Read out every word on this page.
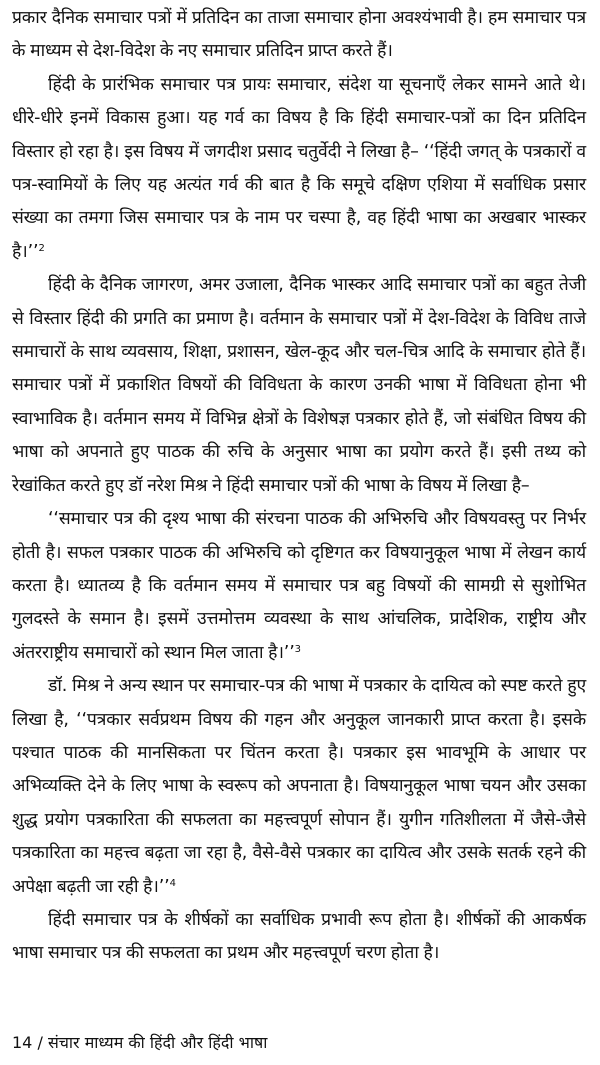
प्रकार दैनिक समाचार पत्रों में प्रतिदिन का ताजा समाचार होना अवश्यंभावी है। हम समाचार पत्र के माध्यम से देश-विदेश के नए समाचार प्रतिदिन प्राप्त करते हैं।

हिंदी के प्रारंभिक समाचार पत्र प्रायः समाचार, संदेश या सूचनाएँ लेकर सामने आते थे। धीरे-धीरे इनमें विकास हुआ। यह गर्व का विषय है कि हिंदी समाचार-पत्रों का दिन प्रतिदिन विस्तार हो रहा है। इस विषय में जगदीश प्रसाद चतुर्वेदी ने लिखा है– ‘‘हिंदी जगत् के पत्रकारों व पत्र-स्वामियों के लिए यह अत्यंत गर्व की बात है कि समूचे दक्षिण एशिया में सर्वाधिक प्रसार संख्या का तमगा जिस समाचार पत्र के नाम पर चस्पा है, वह हिंदी भाषा का अखबार भास्कर है।’’$^2$

हिंदी के दैनिक जागरण, अमर उजाला, दैनिक भास्कर आदि समाचार पत्रों का बहुत तेजी से विस्तार हिंदी की प्रगति का प्रमाण है। वर्तमान के समाचार पत्रों में देश-विदेश के विविध ताजे समाचारों के साथ व्यवसाय, शिक्षा, प्रशासन, खेल-कूद और चल-चित्र आदि के समाचार होते हैं। समाचार पत्रों में प्रकाशित विषयों की विविधता के कारण उनकी भाषा में विविधता होना भी स्वाभाविक है। वर्तमान समय में विभिन्न क्षेत्रों के विशेषज्ञ पत्रकार होते हैं, जो संबंधित विषय की भाषा को अपनाते हुए पाठक की रुचि के अनुसार भाषा का प्रयोग करते हैं। इसी तथ्य को रेखांकित करते हुए डॉ नरेश मिश्र ने हिंदी समाचार पत्रों की भाषा के विषय में लिखा है–

‘‘समाचार पत्र की दृश्य भाषा की संरचना पाठक की अभिरुचि और विषयवस्तु पर निर्भर होती है। सफल पत्रकार पाठक की अभिरुचि को दृष्टिगत कर विषयानुकूल भाषा में लेखन कार्य करता है। ध्यातव्य है कि वर्तमान समय में समाचार पत्र बहु विषयों की सामग्री से सुशोभित गुलदस्ते के समान है। इसमें उत्तमोत्तम व्यवस्था के साथ आंचलिक, प्रादेशिक, राष्ट्रीय और अंतरराष्ट्रीय समाचारों को स्थान मिल जाता है।’’$^3$

डॉ. मिश्र ने अन्य स्थान पर समाचार-पत्र की भाषा में पत्रकार के दायित्व को स्पष्ट करते हुए लिखा है, ‘‘पत्रकार सर्वप्रथम विषय की गहन और अनुकूल जानकारी प्राप्त करता है। इसके पश्चात पाठक की मानसिकता पर चिंतन करता है। पत्रकार इस भावभूमि के आधार पर अभिव्यक्ति देने के लिए भाषा के स्वरूप को अपनाता है। विषयानुकूल भाषा चयन और उसका शुद्ध प्रयोग पत्रकारिता की सफलता का महत्त्वपूर्ण सोपान हैं। युगीन गतिशीलता में जैसे-जैसे पत्रकारिता का महत्त्व बढ़ता जा रहा है, वैसे-वैसे पत्रकार का दायित्व और उसके सतर्क रहने की अपेक्षा बढ़ती जा रही है।’’$^4$

हिंदी समाचार पत्र के शीर्षकों का सर्वाधिक प्रभावी रूप होता है। शीर्षकों की आकर्षक भाषा समाचार पत्र की सफलता का प्रथम और महत्त्वपूर्ण चरण होता है।

14 / संचार माध्यम की हिंदी और हिंदी भाषा
